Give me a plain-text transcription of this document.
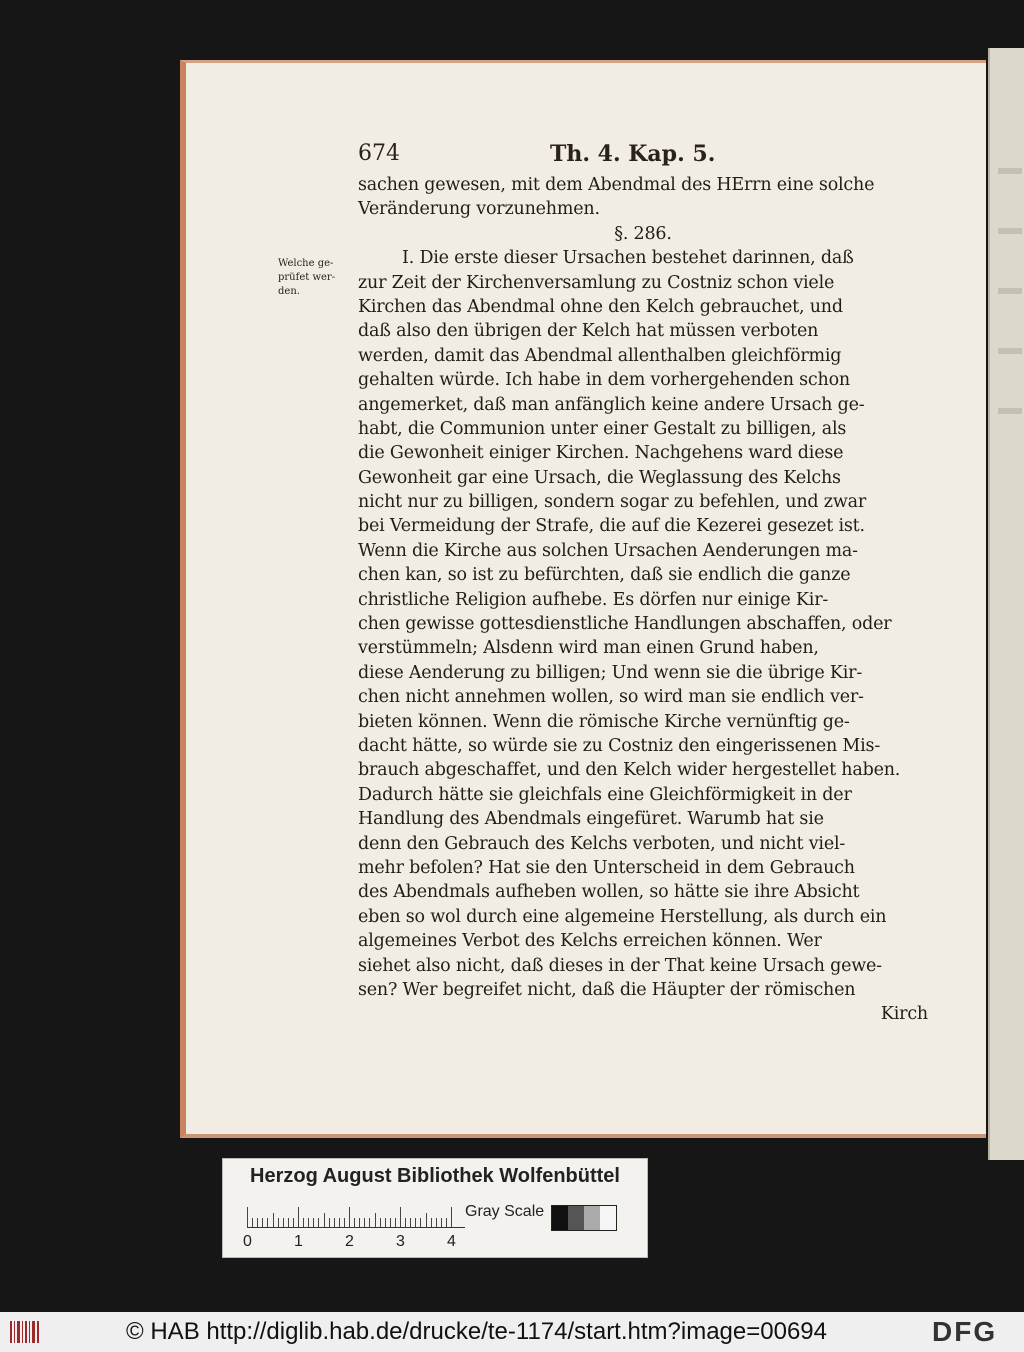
674	Th. 4. Kap. 5.
Welche ge-
prüfet wer-
den.
sachen gewesen, mit dem Abendmal des HErrn eine solche
Veränderung vorzunehmen.
§. 286.
I. Die erste dieser Ursachen bestehet darinnen, daß
zur Zeit der Kirchenversamlung zu Costniz schon viele
Kirchen das Abendmal ohne den Kelch gebrauchet, und
daß also den übrigen der Kelch hat müssen verboten
werden, damit das Abendmal allenthalben gleichförmig
gehalten würde. Ich habe in dem vorhergehenden schon
angemerket, daß man anfänglich keine andere Ursach ge-
habt, die Communion unter einer Gestalt zu billigen, als
die Gewonheit einiger Kirchen. Nachgehens ward diese
Gewonheit gar eine Ursach, die Weglassung des Kelchs
nicht nur zu billigen, sondern sogar zu befehlen, und zwar
bei Vermeidung der Strafe, die auf die Kezerei gesezet ist.
Wenn die Kirche aus solchen Ursachen Aenderungen ma-
chen kan, so ist zu befürchten, daß sie endlich die ganze
christliche Religion aufhebe. Es dörfen nur einige Kir-
chen gewisse gottesdienstliche Handlungen abschaffen, oder
verstümmeln; Alsdenn wird man einen Grund haben,
diese Aenderung zu billigen; Und wenn sie die übrige Kir-
chen nicht annehmen wollen, so wird man sie endlich ver-
bieten können. Wenn die römische Kirche vernünftig ge-
dacht hätte, so würde sie zu Costniz den eingerissenen Mis-
brauch abgeschaffet, und den Kelch wider hergestellet haben.
Dadurch hätte sie gleichfals eine Gleichförmigkeit in der
Handlung des Abendmals eingefüret. Warumb hat sie
denn den Gebrauch des Kelchs verboten, und nicht viel-
mehr befolen? Hat sie den Unterscheid in dem Gebrauch
des Abendmals aufheben wollen, so hätte sie ihre Absicht
eben so wol durch eine algemeine Herstellung, als durch ein
algemeines Verbot des Kelchs erreichen können. Wer
siehet also nicht, daß dieses in der That keine Ursach gewe-
sen? Wer begreifet nicht, daß die Häupter der römischen
Kirch
Herzog August Bibliothek Wolfenbüttel
0	1	2	3	4
Gray Scale
© HAB http://diglib.hab.de/drucke/te-1174/start.htm?image=00694	DFG
